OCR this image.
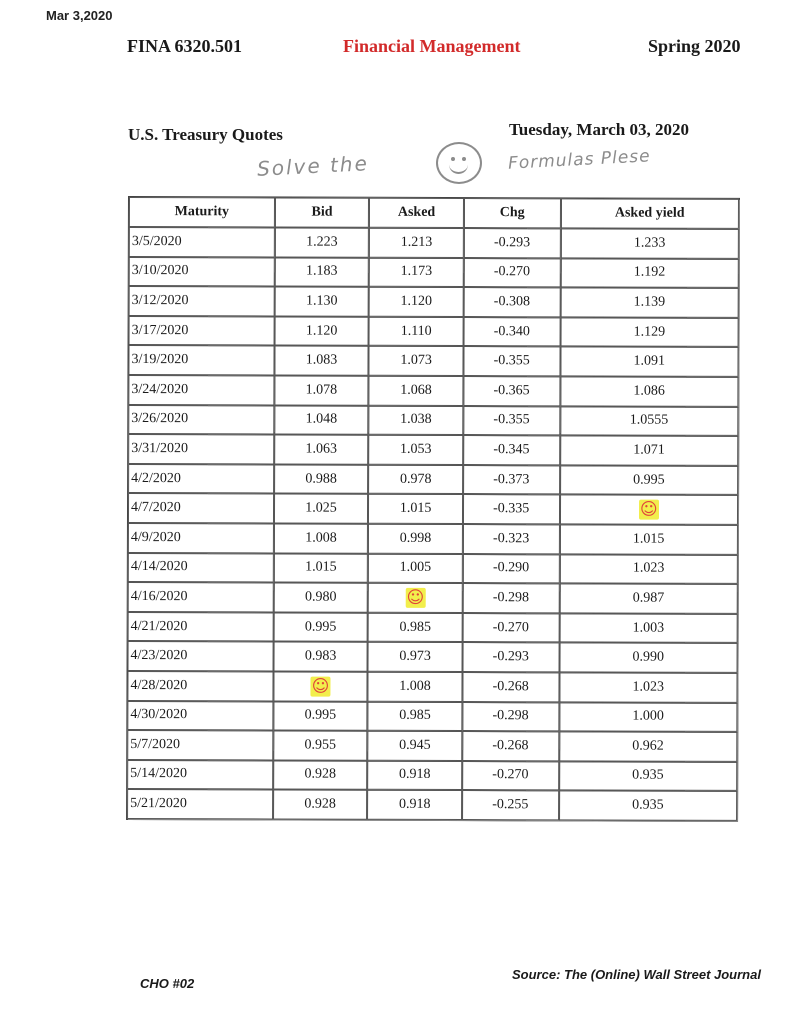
Mar 3,2020
FINA 6320.501	Financial Management	Spring 2020
U.S. Treasury Quotes	Tuesday, March 03, 2020
Solve the	Formulas Plese
Maturity	Bid	Asked	Chg	Asked yield
3/5/2020	1.223	1.213	-0.293	1.233
3/10/2020	1.183	1.173	-0.270	1.192
3/12/2020	1.130	1.120	-0.308	1.139
3/17/2020	1.120	1.110	-0.340	1.129
3/19/2020	1.083	1.073	-0.355	1.091
3/24/2020	1.078	1.068	-0.365	1.086
3/26/2020	1.048	1.038	-0.355	1.0555
3/31/2020	1.063	1.053	-0.345	1.071
4/2/2020	0.988	0.978	-0.373	0.995
4/7/2020	1.025	1.015	-0.335	☺
4/9/2020	1.008	0.998	-0.323	1.015
4/14/2020	1.015	1.005	-0.290	1.023
4/16/2020	0.980	☺	-0.298	0.987
4/21/2020	0.995	0.985	-0.270	1.003
4/23/2020	0.983	0.973	-0.293	0.990
4/28/2020	☺	1.008	-0.268	1.023
4/30/2020	0.995	0.985	-0.298	1.000
5/7/2020	0.955	0.945	-0.268	0.962
5/14/2020	0.928	0.918	-0.270	0.935
5/21/2020	0.928	0.918	-0.255	0.935
CHO #02
Source: The (Online) Wall Street Journal
